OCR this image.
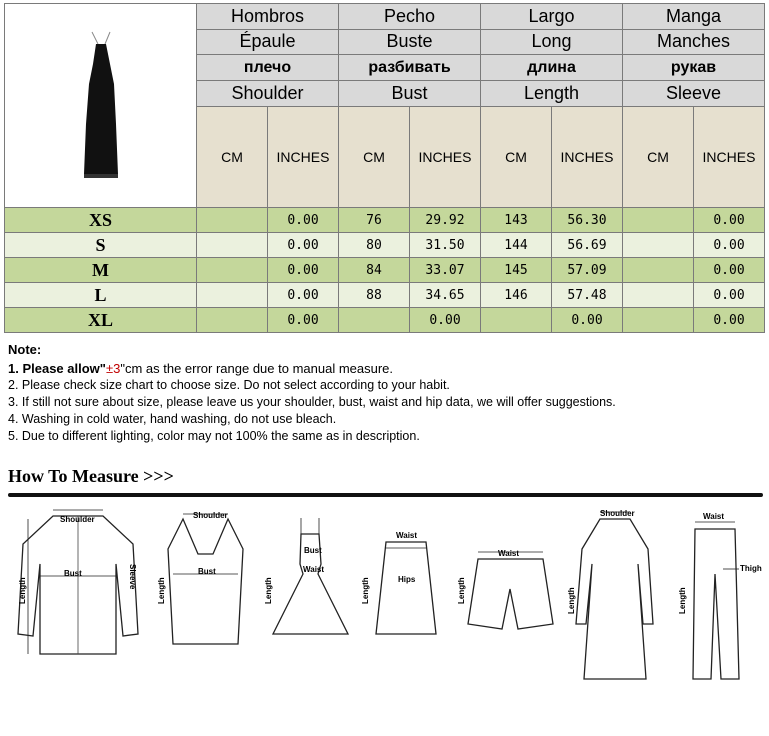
	Hombros		Pecho		Largo		Manga	
	Épaule		Buste		Long		Manches	
	плечо		разбивать		длина		рукав	
	Shoulder		Bust		Length		Sleeve	
	CM	INCHES	CM	INCHES	CM	INCHES	CM	INCHES
XS		0.00	76	29.92	143	56.30		0.00
S		0.00	80	31.50	144	56.69		0.00
M		0.00	84	33.07	145	57.09		0.00
L		0.00	88	34.65	146	57.48		0.00
XL		0.00		0.00		0.00		0.00
Note:
1. Please allow"±3"cm as the error range due to manual measure.
2. Please check size chart to choose size. Do not select according to your habit.
3. If still not sure about size, please leave us your shoulder, bust, waist and hip data, we will offer suggestions.
4. Washing in cold water, hand washing, do not use bleach.
5. Due to different lighting, color may not 100% the same as in description.
How To Measure >>>
Shoulder
Bust
Length
Sleeve
Shoulder
Bust
Length
Bust
Waist
Length
Waist
Hips
Length
Waist
Length
Shoulder
Length
Waist
Thigh
Length
